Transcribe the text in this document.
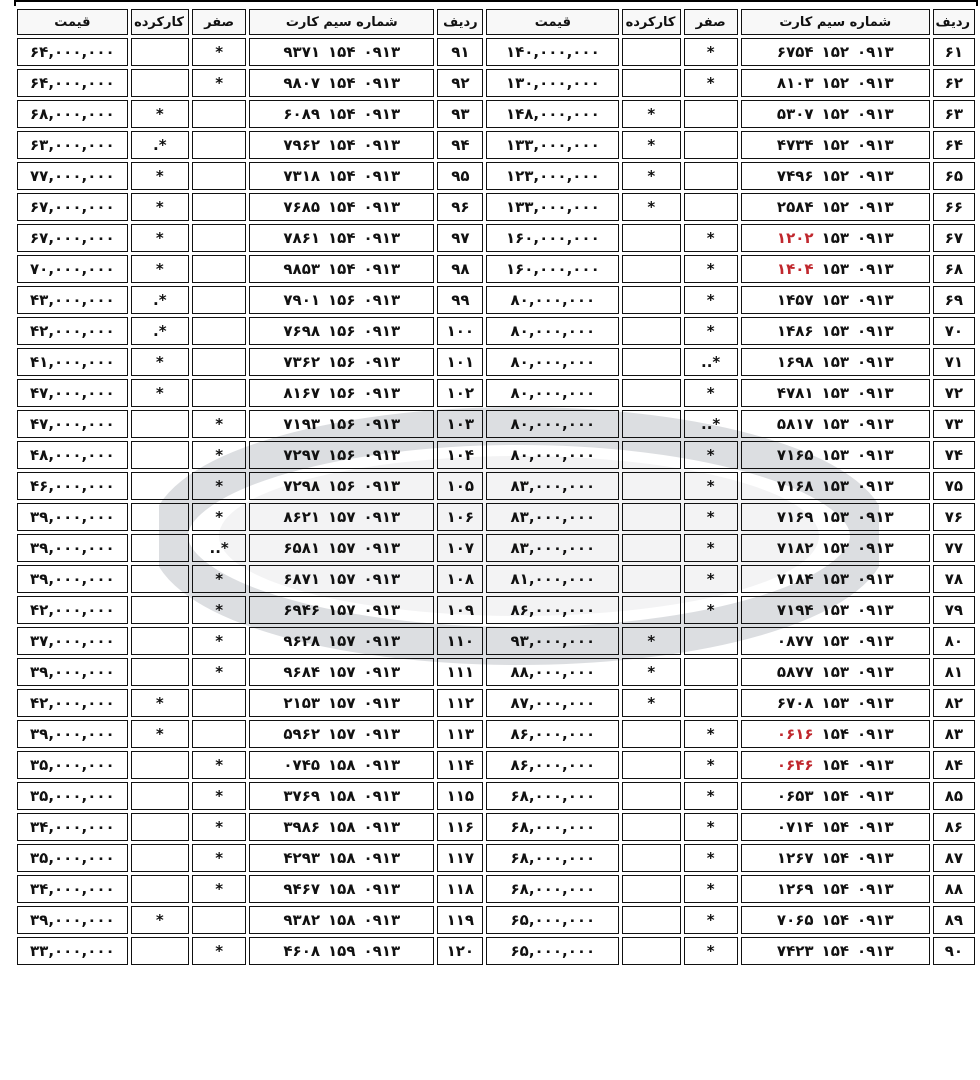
ردیف	شماره سیم کارت	صفر	کارکرده	قیمت	ردیف	شماره سیم کارت	صفر	کارکرده	قیمت
۶۱	۶۷۵۴ ۱۵۲ ۰۹۱۳	*		۱۴۰,۰۰۰,۰۰۰	۹۱	۹۳۷۱ ۱۵۴ ۰۹۱۳	*		۶۴,۰۰۰,۰۰۰
۶۲	۸۱۰۳ ۱۵۲ ۰۹۱۳	*		۱۳۰,۰۰۰,۰۰۰	۹۲	۹۸۰۷ ۱۵۴ ۰۹۱۳	*		۶۴,۰۰۰,۰۰۰
۶۳	۵۳۰۷ ۱۵۲ ۰۹۱۳		*	۱۴۸,۰۰۰,۰۰۰	۹۳	۶۰۸۹ ۱۵۴ ۰۹۱۳		*	۶۸,۰۰۰,۰۰۰
۶۴	۴۷۳۴ ۱۵۲ ۰۹۱۳		*	۱۳۳,۰۰۰,۰۰۰	۹۴	۷۹۶۲ ۱۵۴ ۰۹۱۳		*.	۶۳,۰۰۰,۰۰۰
۶۵	۷۴۹۶ ۱۵۲ ۰۹۱۳		*	۱۲۳,۰۰۰,۰۰۰	۹۵	۷۳۱۸ ۱۵۴ ۰۹۱۳		*	۷۷,۰۰۰,۰۰۰
۶۶	۲۵۸۴ ۱۵۲ ۰۹۱۳		*	۱۳۳,۰۰۰,۰۰۰	۹۶	۷۶۸۵ ۱۵۴ ۰۹۱۳		*	۶۷,۰۰۰,۰۰۰
۶۷	۱۲۰۲ ۱۵۳ ۰۹۱۳	*		۱۶۰,۰۰۰,۰۰۰	۹۷	۷۸۶۱ ۱۵۴ ۰۹۱۳		*	۶۷,۰۰۰,۰۰۰
۶۸	۱۴۰۴ ۱۵۳ ۰۹۱۳	*		۱۶۰,۰۰۰,۰۰۰	۹۸	۹۸۵۳ ۱۵۴ ۰۹۱۳		*	۷۰,۰۰۰,۰۰۰
۶۹	۱۴۵۷ ۱۵۳ ۰۹۱۳	*		۸۰,۰۰۰,۰۰۰	۹۹	۷۹۰۱ ۱۵۶ ۰۹۱۳		*.	۴۳,۰۰۰,۰۰۰
۷۰	۱۴۸۶ ۱۵۳ ۰۹۱۳	*		۸۰,۰۰۰,۰۰۰	۱۰۰	۷۶۹۸ ۱۵۶ ۰۹۱۳		*.	۴۲,۰۰۰,۰۰۰
۷۱	۱۶۹۸ ۱۵۳ ۰۹۱۳	*..		۸۰,۰۰۰,۰۰۰	۱۰۱	۷۳۶۲ ۱۵۶ ۰۹۱۳		*	۴۱,۰۰۰,۰۰۰
۷۲	۴۷۸۱ ۱۵۳ ۰۹۱۳	*		۸۰,۰۰۰,۰۰۰	۱۰۲	۸۱۶۷ ۱۵۶ ۰۹۱۳		*	۴۷,۰۰۰,۰۰۰
۷۳	۵۸۱۷ ۱۵۳ ۰۹۱۳	*..		۸۰,۰۰۰,۰۰۰	۱۰۳	۷۱۹۳ ۱۵۶ ۰۹۱۳	*		۴۷,۰۰۰,۰۰۰
۷۴	۷۱۶۵ ۱۵۳ ۰۹۱۳	*		۸۰,۰۰۰,۰۰۰	۱۰۴	۷۲۹۷ ۱۵۶ ۰۹۱۳	*		۴۸,۰۰۰,۰۰۰
۷۵	۷۱۶۸ ۱۵۳ ۰۹۱۳	*		۸۳,۰۰۰,۰۰۰	۱۰۵	۷۲۹۸ ۱۵۶ ۰۹۱۳	*		۴۶,۰۰۰,۰۰۰
۷۶	۷۱۶۹ ۱۵۳ ۰۹۱۳	*		۸۳,۰۰۰,۰۰۰	۱۰۶	۸۶۲۱ ۱۵۷ ۰۹۱۳	*		۳۹,۰۰۰,۰۰۰
۷۷	۷۱۸۲ ۱۵۳ ۰۹۱۳	*		۸۳,۰۰۰,۰۰۰	۱۰۷	۶۵۸۱ ۱۵۷ ۰۹۱۳	*..		۳۹,۰۰۰,۰۰۰
۷۸	۷۱۸۴ ۱۵۳ ۰۹۱۳	*		۸۱,۰۰۰,۰۰۰	۱۰۸	۶۸۷۱ ۱۵۷ ۰۹۱۳	*		۳۹,۰۰۰,۰۰۰
۷۹	۷۱۹۴ ۱۵۳ ۰۹۱۳	*		۸۶,۰۰۰,۰۰۰	۱۰۹	۶۹۴۶ ۱۵۷ ۰۹۱۳	*		۴۲,۰۰۰,۰۰۰
۸۰	۰۸۷۷ ۱۵۳ ۰۹۱۳		*	۹۳,۰۰۰,۰۰۰	۱۱۰	۹۶۲۸ ۱۵۷ ۰۹۱۳	*		۳۷,۰۰۰,۰۰۰
۸۱	۵۸۷۷ ۱۵۳ ۰۹۱۳		*	۸۸,۰۰۰,۰۰۰	۱۱۱	۹۶۸۴ ۱۵۷ ۰۹۱۳	*		۳۹,۰۰۰,۰۰۰
۸۲	۶۷۰۸ ۱۵۳ ۰۹۱۳		*	۸۷,۰۰۰,۰۰۰	۱۱۲	۲۱۵۳ ۱۵۷ ۰۹۱۳		*	۴۲,۰۰۰,۰۰۰
۸۳	۰۶۱۶ ۱۵۴ ۰۹۱۳	*		۸۶,۰۰۰,۰۰۰	۱۱۳	۵۹۶۲ ۱۵۷ ۰۹۱۳		*	۳۹,۰۰۰,۰۰۰
۸۴	۰۶۴۶ ۱۵۴ ۰۹۱۳	*		۸۶,۰۰۰,۰۰۰	۱۱۴	۰۷۴۵ ۱۵۸ ۰۹۱۳	*		۳۵,۰۰۰,۰۰۰
۸۵	۰۶۵۳ ۱۵۴ ۰۹۱۳	*		۶۸,۰۰۰,۰۰۰	۱۱۵	۳۷۶۹ ۱۵۸ ۰۹۱۳	*		۳۵,۰۰۰,۰۰۰
۸۶	۰۷۱۴ ۱۵۴ ۰۹۱۳	*		۶۸,۰۰۰,۰۰۰	۱۱۶	۳۹۸۶ ۱۵۸ ۰۹۱۳	*		۳۴,۰۰۰,۰۰۰
۸۷	۱۲۶۷ ۱۵۴ ۰۹۱۳	*		۶۸,۰۰۰,۰۰۰	۱۱۷	۴۲۹۳ ۱۵۸ ۰۹۱۳	*		۳۵,۰۰۰,۰۰۰
۸۸	۱۲۶۹ ۱۵۴ ۰۹۱۳	*		۶۸,۰۰۰,۰۰۰	۱۱۸	۹۴۶۷ ۱۵۸ ۰۹۱۳	*		۳۴,۰۰۰,۰۰۰
۸۹	۷۰۶۵ ۱۵۴ ۰۹۱۳	*		۶۵,۰۰۰,۰۰۰	۱۱۹	۹۳۸۲ ۱۵۸ ۰۹۱۳		*	۳۹,۰۰۰,۰۰۰
۹۰	۷۴۲۳ ۱۵۴ ۰۹۱۳	*		۶۵,۰۰۰,۰۰۰	۱۲۰	۴۶۰۸ ۱۵۹ ۰۹۱۳	*		۳۳,۰۰۰,۰۰۰
